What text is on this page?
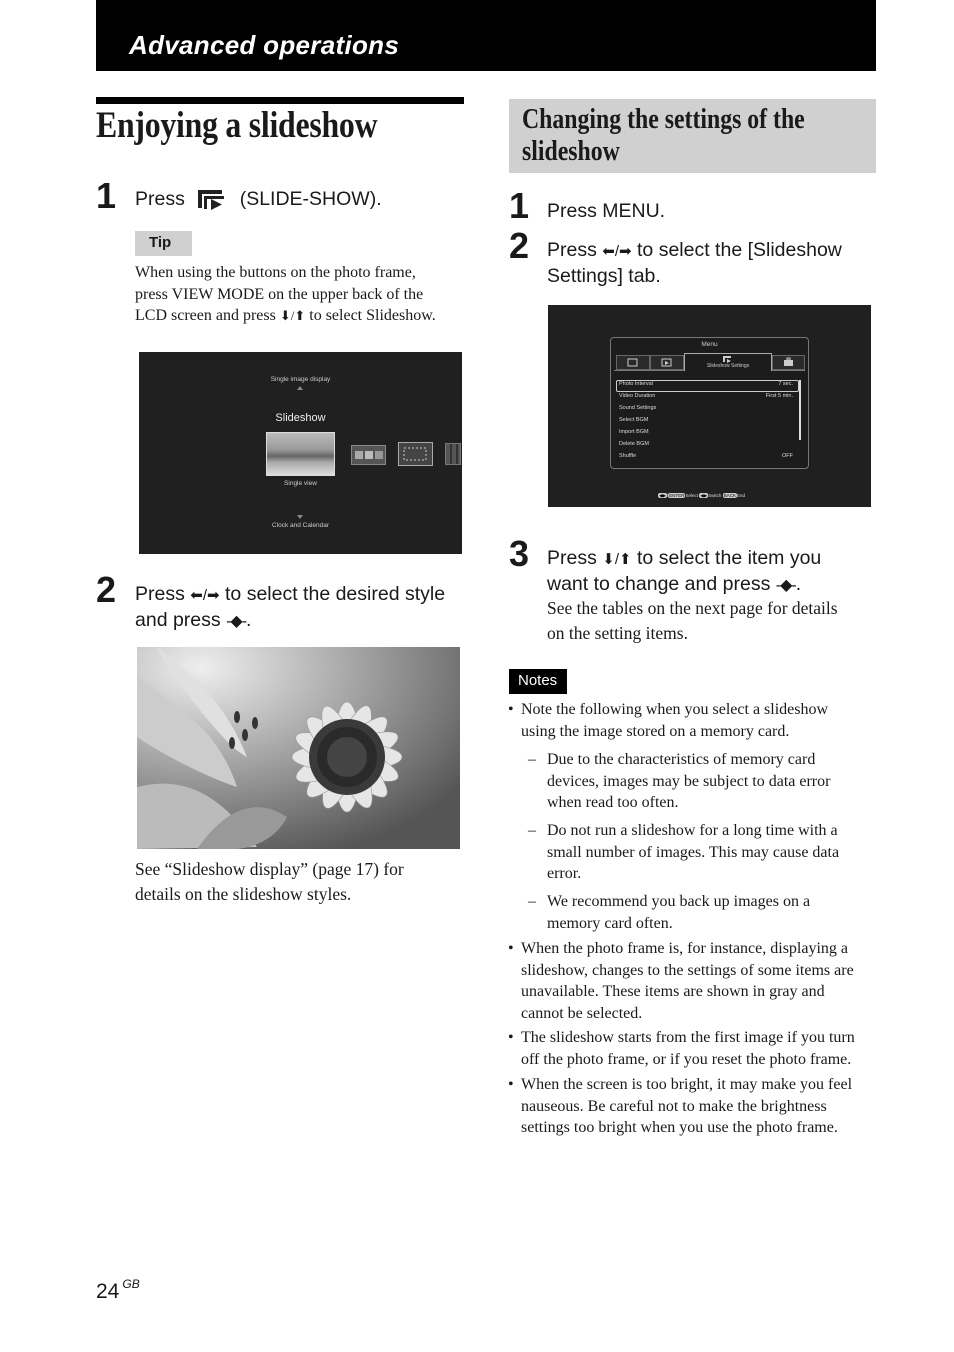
Advanced operations
Enjoying a slideshow
1 Press	(SLIDE-SHOW).
Tip
When using the buttons on the photo frame,
press VIEW MODE on the upper back of the
LCD screen and press ⬇/⬆ to select Slideshow.
Single image display
Slideshow
Single view
Clock and Calendar
2 Press ⬅/➡ to select the desired style
and press -◆-.
See “Slideshow display” (page 17) for
details on the slideshow styles.
Changing the settings of the
slideshow
1 Press MENU.
2 Press ⬅/➡ to select the [Slideshow
Settings] tab.
Menu
Slideshow Settings
Photo Interval	7 sec.
Video Duration	First 5 min.
Sound Settings
Select BGM
Import BGM
Delete BGM
Shuffle	OFF
◀▶ ENTERSelect ◀▶Switch BACKEnd
3 Press ⬇/⬆ to select the item you
want to change and press -◆-.
See the tables on the next page for details
on the setting items.
Notes
• Note the following when you select a slideshow
using the image stored on a memory card.
– Due to the characteristics of memory card
devices, images may be subject to data error
when read too often.
– Do not run a slideshow for a long time with a
small number of images. This may cause data
error.
– We recommend you back up images on a
memory card often.
• When the photo frame is, for instance, displaying a
slideshow, changes to the settings of some items are
unavailable. These items are shown in gray and
cannot be selected.
• The slideshow starts from the first image if you turn
off the photo frame, or if you reset the photo frame.
• When the screen is too bright, it may make you feel
nauseous. Be careful not to make the brightness
settings too bright when you use the photo frame.
24 $^{GB}$
